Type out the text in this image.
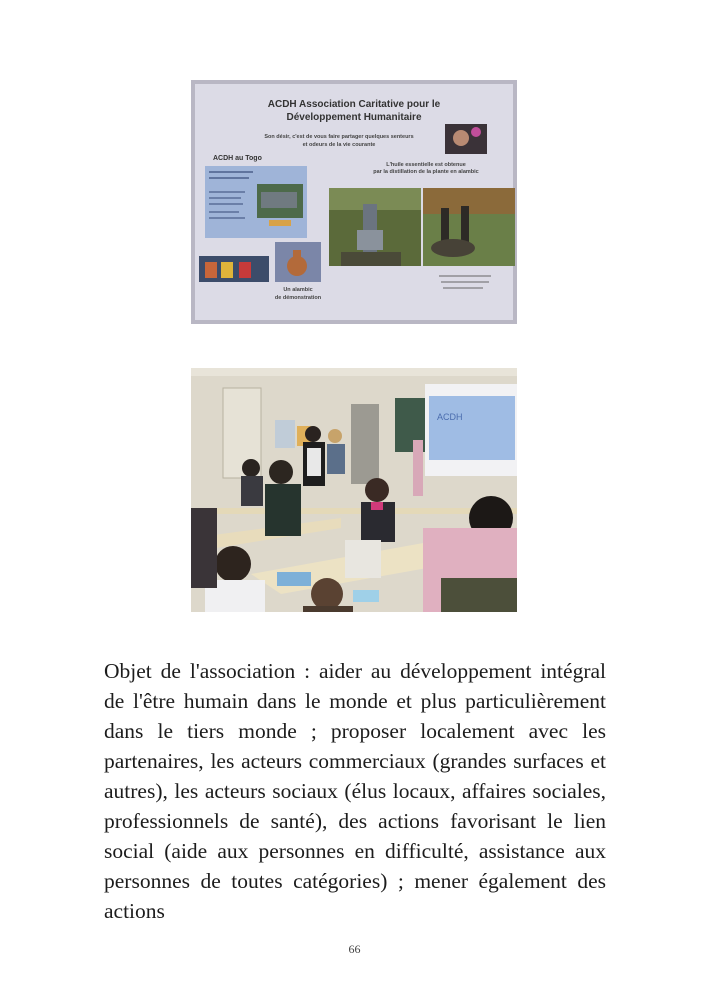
ACDH Association Caritative pour le
Développement Humanitaire
Son désir, c'est de vous faire partager quelques senteurs
et odeurs de la vie courante
ACDH au Togo
L'huile essentielle est obtenue
par la distillation de la plante en alambic
Un alambic
de démonstration
ACDH

Objet de l'association : aider au développement intégral de l'être humain dans le monde et plus particulièrement dans le tiers monde ; proposer localement avec les partenaires, les acteurs commerciaux (grandes surfaces et autres), les acteurs sociaux (élus locaux, affaires sociales, professionnels de santé), des actions favorisant le lien social (aide aux personnes en difficulté, assistance aux personnes de toutes catégories) ; mener également des actions

66
